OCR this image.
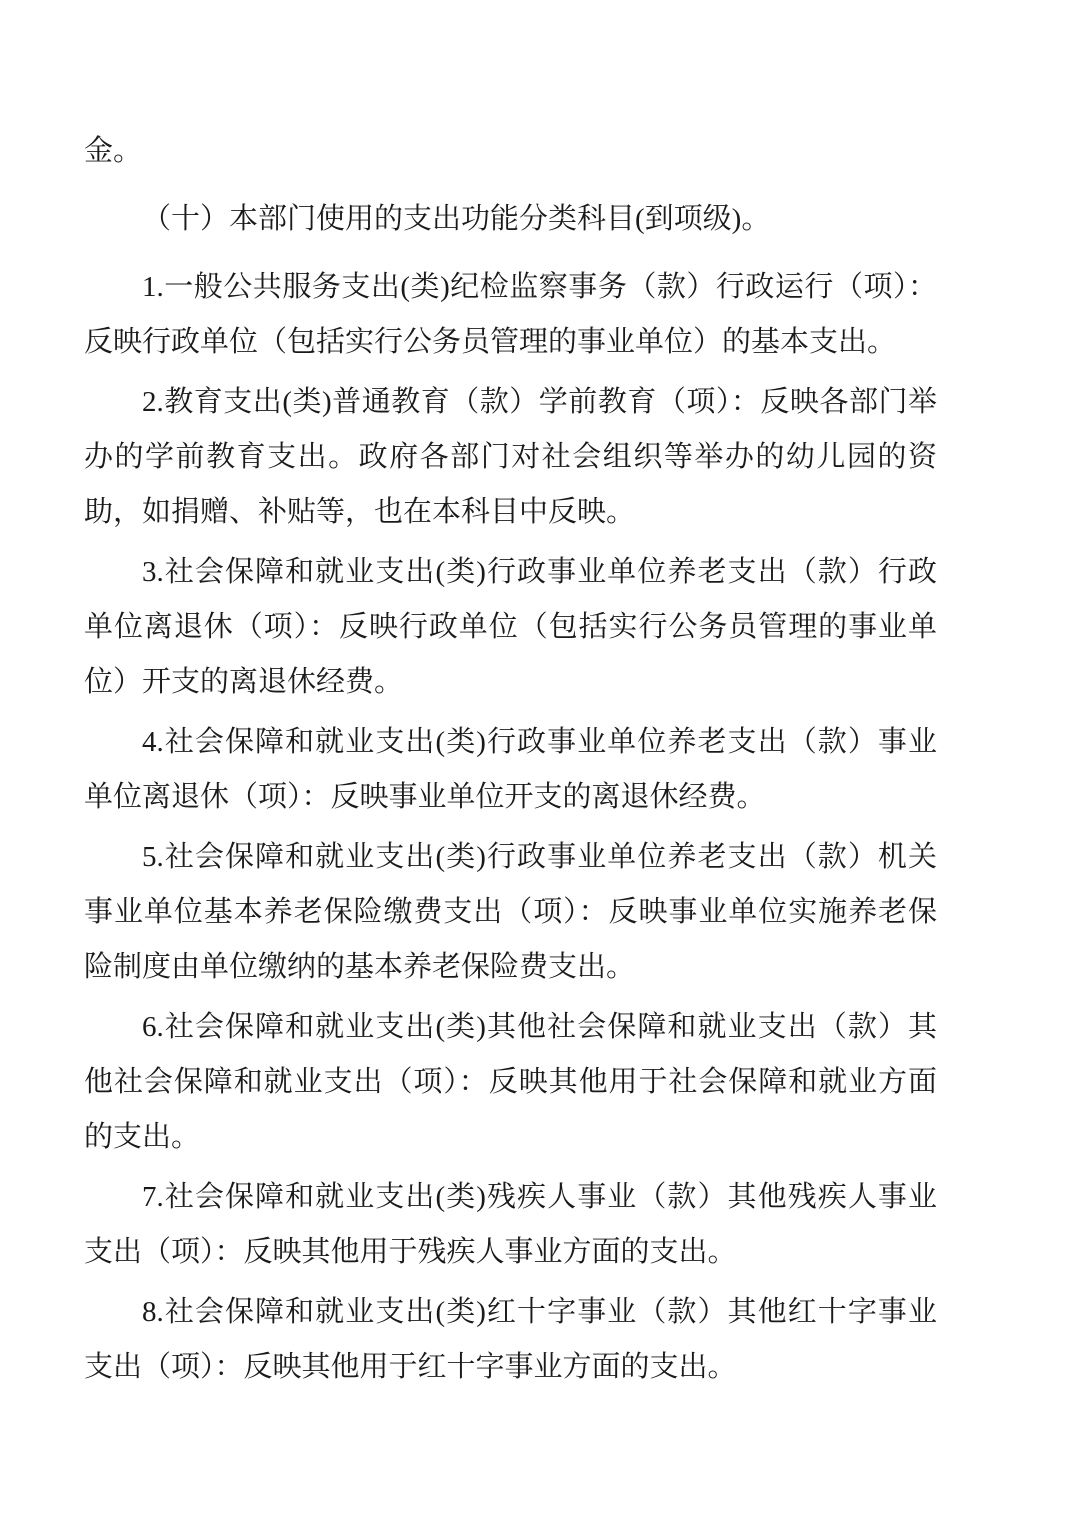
金。

（十）本部门使用的支出功能分类科目(到项级)。

1.一般公共服务支出(类)纪检监察事务（款）行政运行（项）：反映行政单位（包括实行公务员管理的事业单位）的基本支出。

2.教育支出(类)普通教育（款）学前教育（项）：反映各部门举办的学前教育支出。政府各部门对社会组织等举办的幼儿园的资助，如捐赠、补贴等，也在本科目中反映。

3.社会保障和就业支出(类)行政事业单位养老支出（款）行政单位离退休（项）：反映行政单位（包括实行公务员管理的事业单位）开支的离退休经费。

4.社会保障和就业支出(类)行政事业单位养老支出（款）事业单位离退休（项）：反映事业单位开支的离退休经费。

5.社会保障和就业支出(类)行政事业单位养老支出（款）机关事业单位基本养老保险缴费支出（项）：反映事业单位实施养老保险制度由单位缴纳的基本养老保险费支出。

6.社会保障和就业支出(类)其他社会保障和就业支出（款）其他社会保障和就业支出（项）：反映其他用于社会保障和就业方面的支出。

7.社会保障和就业支出(类)残疾人事业（款）其他残疾人事业支出（项）：反映其他用于残疾人事业方面的支出。

8.社会保障和就业支出(类)红十字事业（款）其他红十字事业支出（项）：反映其他用于红十字事业方面的支出。
